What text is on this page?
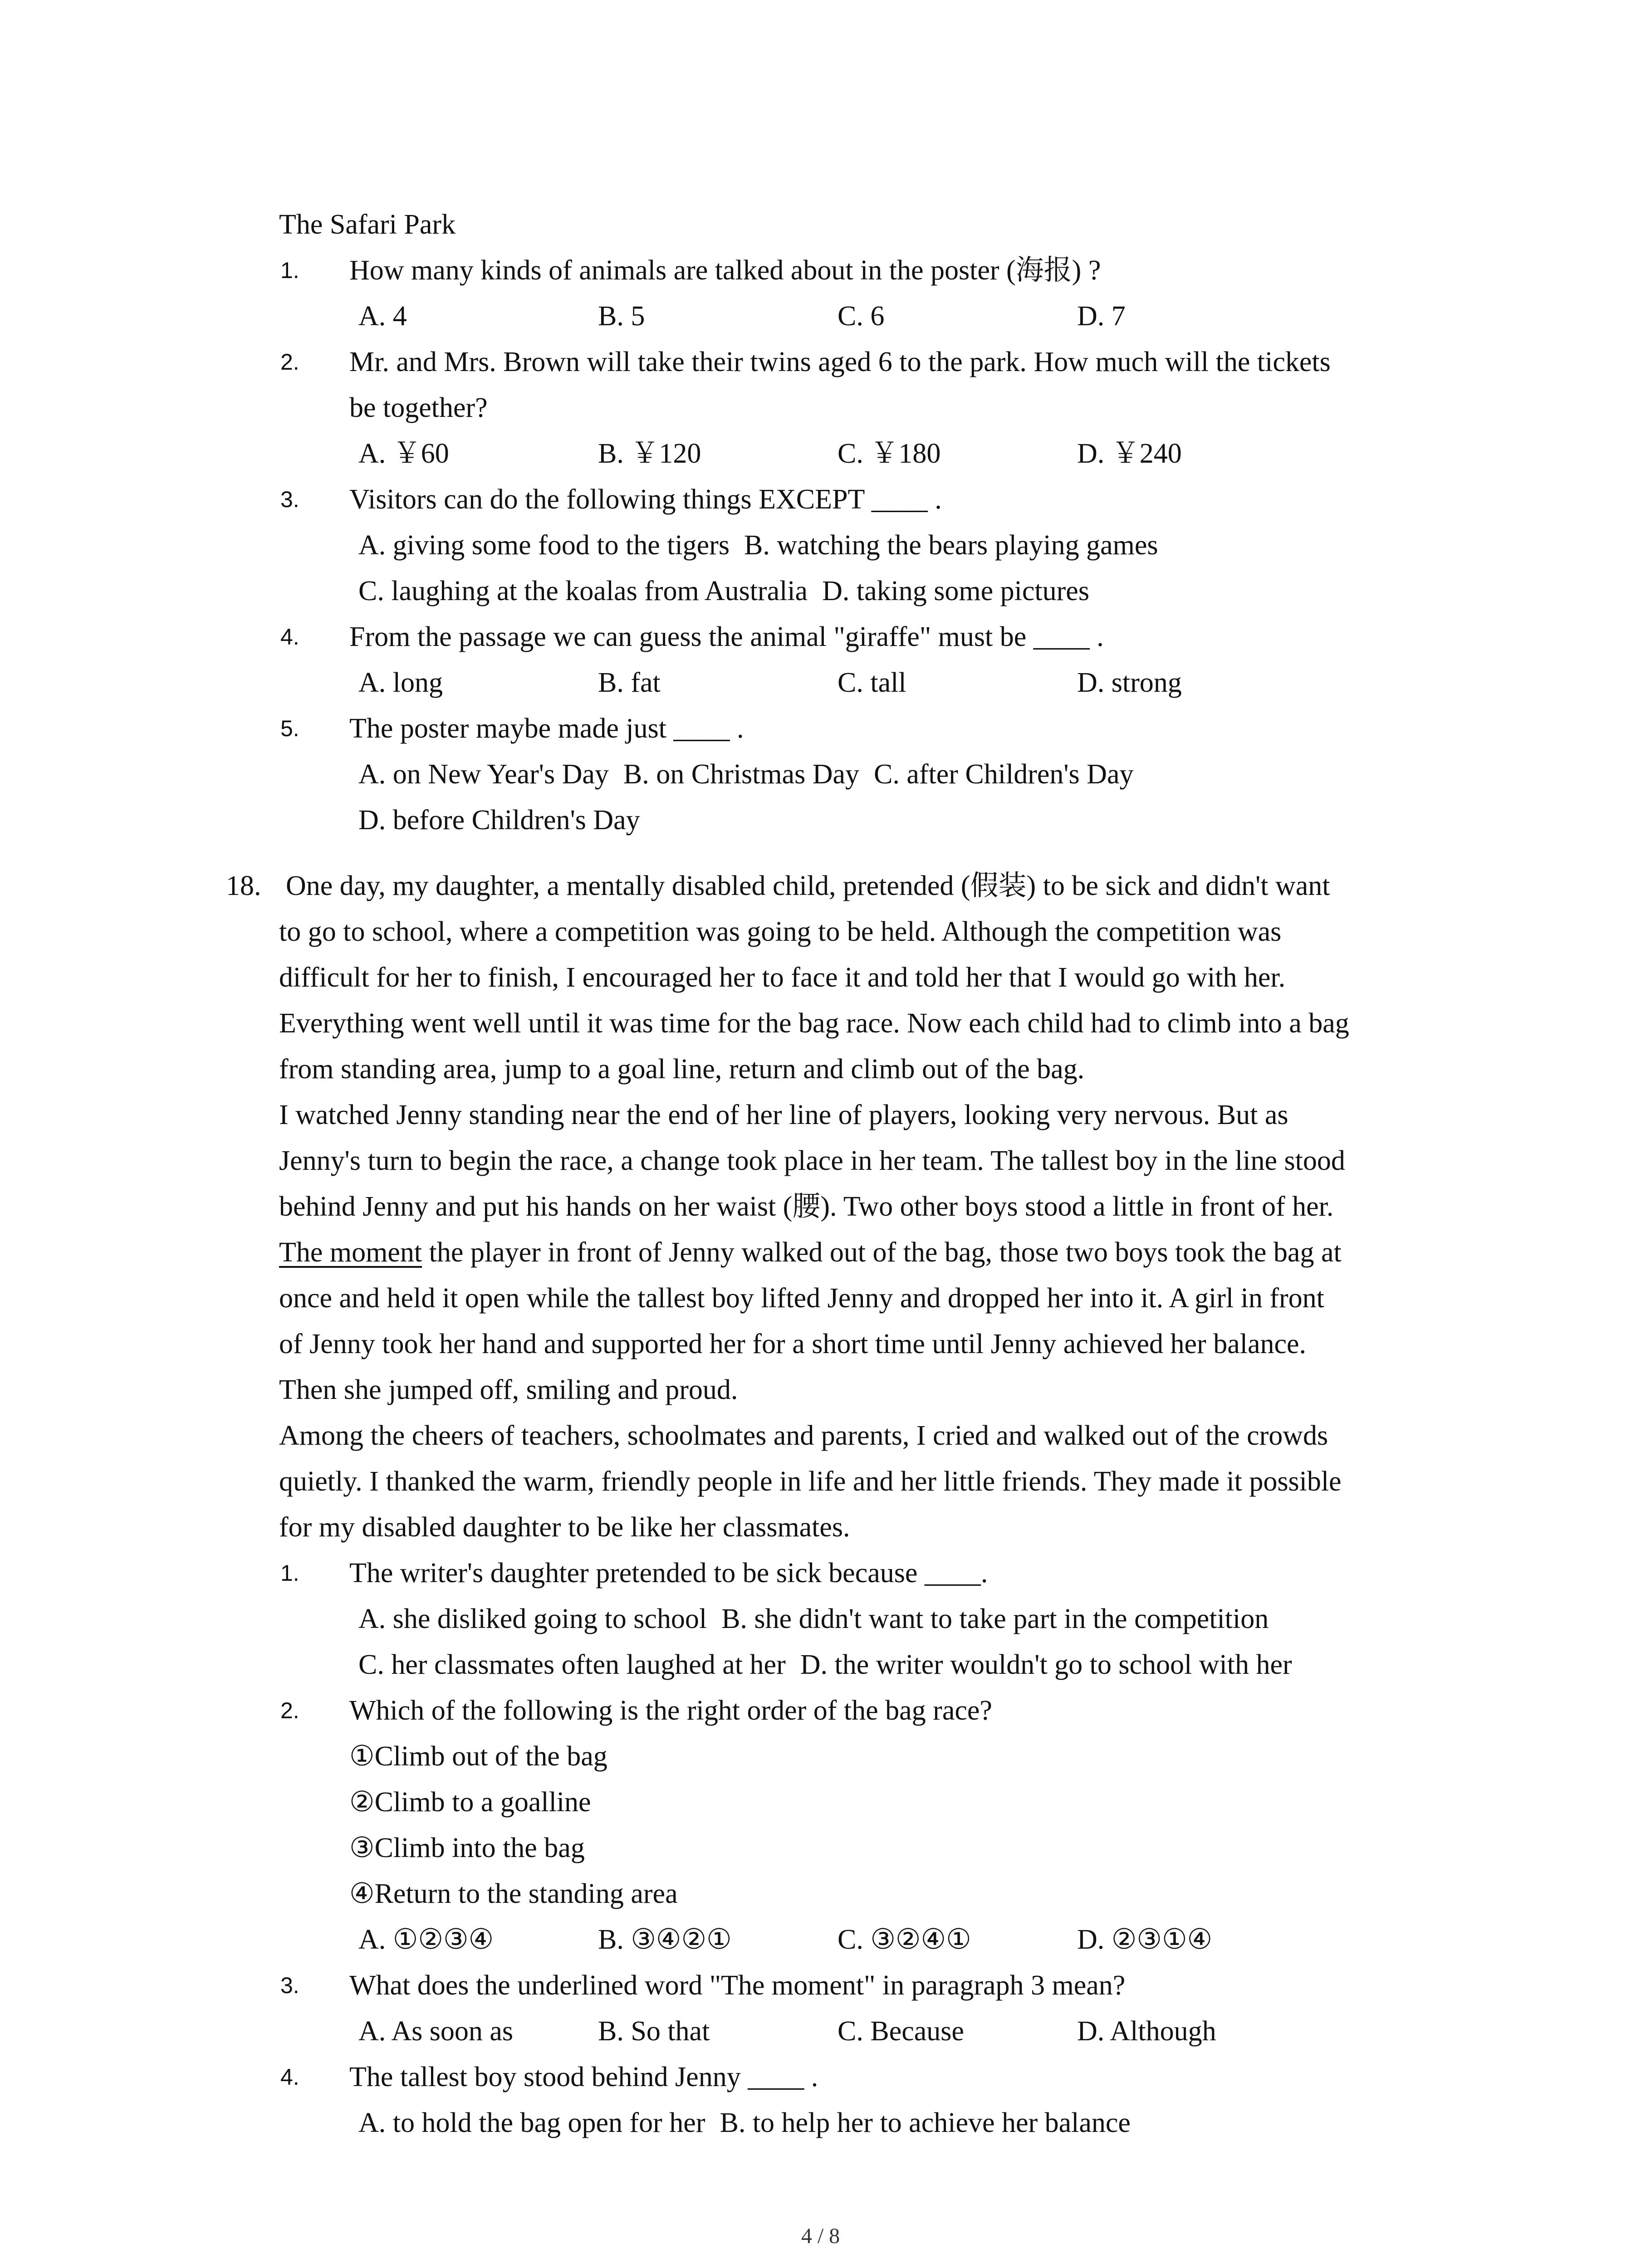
The Safari Park
1. How many kinds of animals are talked about in the poster (海报) ?
A. 4	B. 5	C. 6	D. 7
2. Mr. and Mrs. Brown will take their twins aged 6 to the park. How much will the tickets
be together?
A. ￥60	B. ￥120	C. ￥180	D. ￥240
3. Visitors can do the following things EXCEPT ____ .
A. giving some food to the tigers B. watching the bears playing games
C. laughing at the koalas from Australia D. taking some pictures
4. From the passage we can guess the animal "giraffe" must be ____ .
A. long	B. fat	C. tall	D. strong
5. The poster maybe made just ____ .
A. on New Year's Day B. on Christmas Day C. after Children's Day
D. before Children's Day
18. One day, my daughter, a mentally disabled child, pretended (假装) to be sick and didn't want
to go to school, where a competition was going to be held. Although the competition was
difficult for her to finish, I encouraged her to face it and told her that I would go with her.
Everything went well until it was time for the bag race. Now each child had to climb into a bag
from standing area, jump to a goal line, return and climb out of the bag.
I watched Jenny standing near the end of her line of players, looking very nervous. But as
Jenny's turn to begin the race, a change took place in her team. The tallest boy in the line stood
behind Jenny and put his hands on her waist (腰). Two other boys stood a little in front of her.
The moment the player in front of Jenny walked out of the bag, those two boys took the bag at
once and held it open while the tallest boy lifted Jenny and dropped her into it. A girl in front
of Jenny took her hand and supported her for a short time until Jenny achieved her balance.
Then she jumped off, smiling and proud.
Among the cheers of teachers, schoolmates and parents, I cried and walked out of the crowds
quietly. I thanked the warm, friendly people in life and her little friends. They made it possible
for my disabled daughter to be like her classmates.
1. The writer's daughter pretended to be sick because ____.
A. she disliked going to school B. she didn't want to take part in the competition
C. her classmates often laughed at her D. the writer wouldn't go to school with her
2. Which of the following is the right order of the bag race?
①Climb out of the bag
②Climb to a goalline
③Climb into the bag
④Return to the standing area
A. ①②③④	B. ③④②①	C. ③②④①	D. ②③①④
3. What does the underlined word "The moment" in paragraph 3 mean?
A. As soon as	B. So that	C. Because	D. Although
4. The tallest boy stood behind Jenny ____ .
A. to hold the bag open for her B. to help her to achieve her balance
4 / 8
